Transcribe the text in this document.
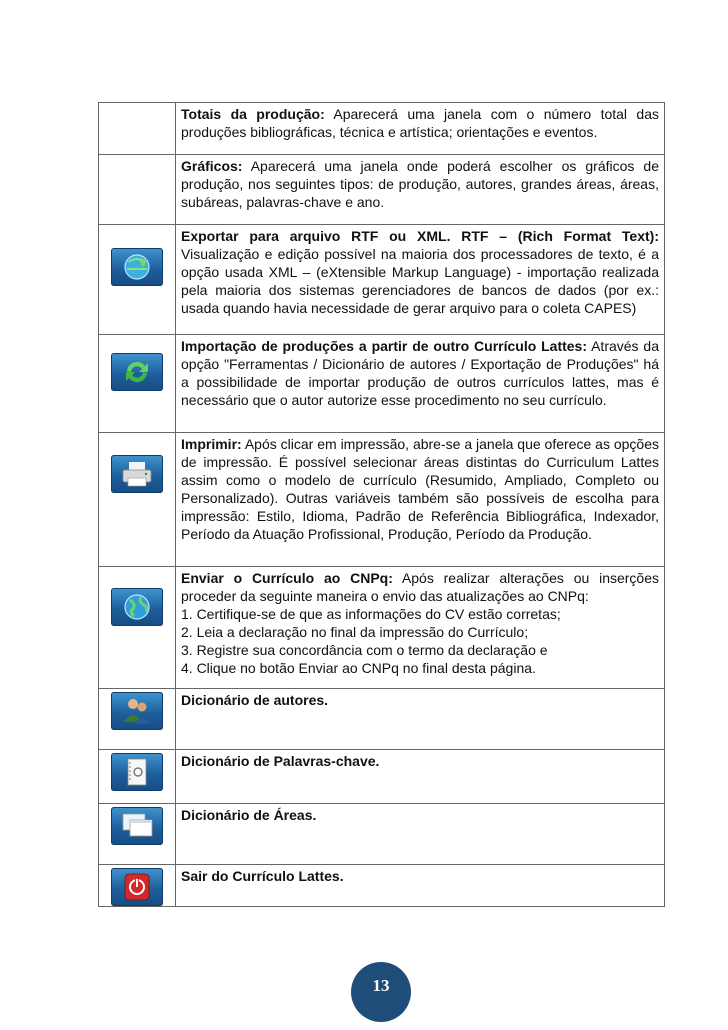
	Totais da produção: Aparecerá uma janela com o número total das produções bibliográficas, técnica e artística; orientações e eventos.
	Gráficos: Aparecerá uma janela onde poderá escolher os gráficos de produção, nos seguintes tipos: de produção, autores, grandes áreas, áreas, subáreas, palavras-chave e ano.

	Exportar para arquivo RTF ou XML. RTF – (Rich Format Text): Visualização e edição possível na maioria dos processadores de texto, é a opção usada XML – (eXtensible Markup Language) - importação realizada pela maioria dos sistemas gerenciadores de bancos de dados (por ex.: usada quando havia necessidade de gerar arquivo para o coleta CAPES)

	Importação de produções a partir de outro Currículo Lattes: Através da opção "Ferramentas / Dicionário de autores / Exportação de Produções" há a possibilidade de importar produção de outros currículos lattes, mas é necessário que o autor autorize esse procedimento no seu currículo.

	Imprimir: Após clicar em impressão, abre-se a janela que oferece as opções de impressão. É possível selecionar áreas distintas do Curriculum Lattes assim como o modelo de currículo (Resumido, Ampliado, Completo ou Personalizado). Outras variáveis também são possíveis de escolha para impressão: Estilo, Idioma, Padrão de Referência Bibliográfica, Indexador, Período da Atuação Profissional, Produção, Período da Produção.

	Enviar o Currículo ao CNPq: Após realizar alterações ou inserções proceder da seguinte maneira o envio das atualizações ao CNPq:
1. Certifique-se de que as informações do CV estão corretas;
2. Leia a declaração no final da impressão do Currículo;
3. Registre sua concordância com o termo da declaração e
4. Clique no botão Enviar ao CNPq no final desta página.

	Dicionário de autores.

	Dicionário de Palavras-chave.

	Dicionário de Áreas.

	Sair do Currículo Lattes.
13
